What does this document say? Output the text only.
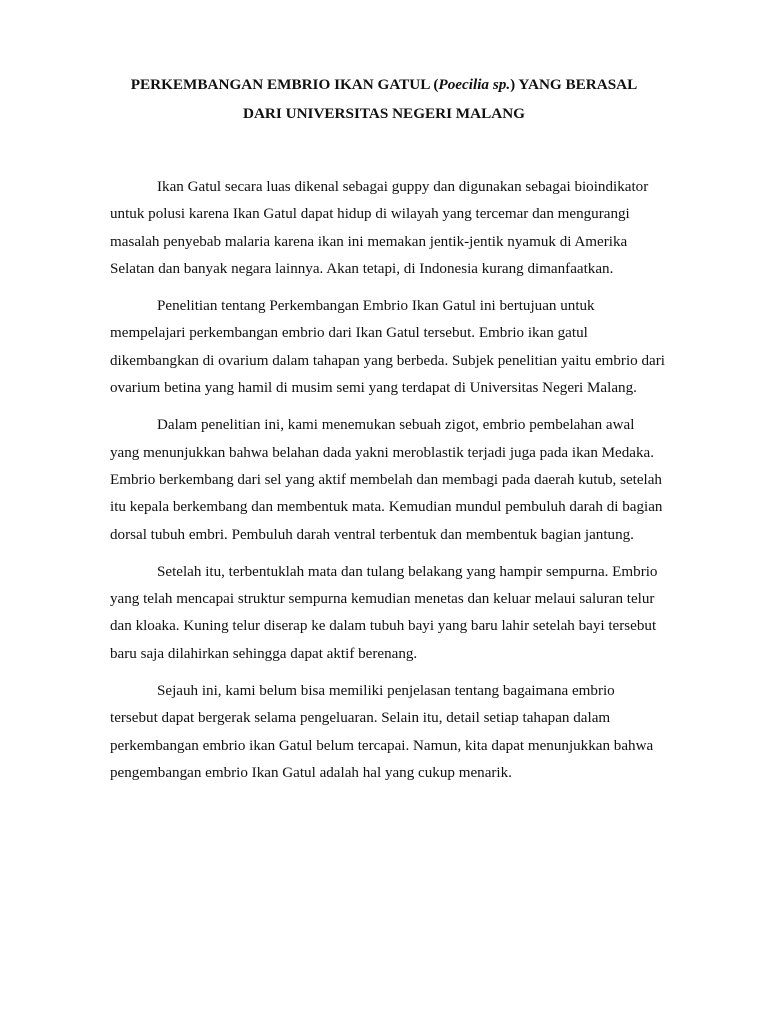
PERKEMBANGAN EMBRIO IKAN GATUL (Poecilia sp.) YANG BERASAL
DARI UNIVERSITAS NEGERI MALANG

Ikan Gatul secara luas dikenal sebagai guppy dan digunakan sebagai bioindikator untuk polusi karena Ikan Gatul dapat hidup di wilayah yang tercemar dan mengurangi masalah penyebab malaria karena ikan ini memakan jentik-jentik nyamuk di Amerika Selatan dan banyak negara lainnya. Akan tetapi, di Indonesia kurang dimanfaatkan.

Penelitian tentang Perkembangan Embrio Ikan Gatul ini bertujuan untuk mempelajari perkembangan embrio dari Ikan Gatul tersebut. Embrio ikan gatul dikembangkan di ovarium dalam tahapan yang berbeda. Subjek penelitian yaitu embrio dari ovarium betina yang hamil di musim semi yang terdapat di Universitas Negeri Malang.

Dalam penelitian ini, kami menemukan sebuah zigot, embrio pembelahan awal yang menunjukkan bahwa belahan dada yakni meroblastik terjadi juga pada ikan Medaka. Embrio berkembang dari sel yang aktif membelah dan membagi pada daerah kutub, setelah itu kepala berkembang dan membentuk mata. Kemudian mundul pembuluh darah di bagian dorsal tubuh embri. Pembuluh darah ventral terbentuk dan membentuk bagian jantung.

Setelah itu, terbentuklah mata dan tulang belakang yang hampir sempurna. Embrio yang telah mencapai struktur sempurna kemudian menetas dan keluar melaui saluran telur dan kloaka. Kuning telur diserap ke dalam tubuh bayi yang baru lahir setelah bayi tersebut baru saja dilahirkan sehingga dapat aktif berenang.

Sejauh ini, kami belum bisa memiliki penjelasan tentang bagaimana embrio tersebut dapat bergerak selama pengeluaran. Selain itu, detail setiap tahapan dalam perkembangan embrio ikan Gatul belum tercapai. Namun, kita dapat menunjukkan bahwa pengembangan embrio Ikan Gatul adalah hal yang cukup menarik.
